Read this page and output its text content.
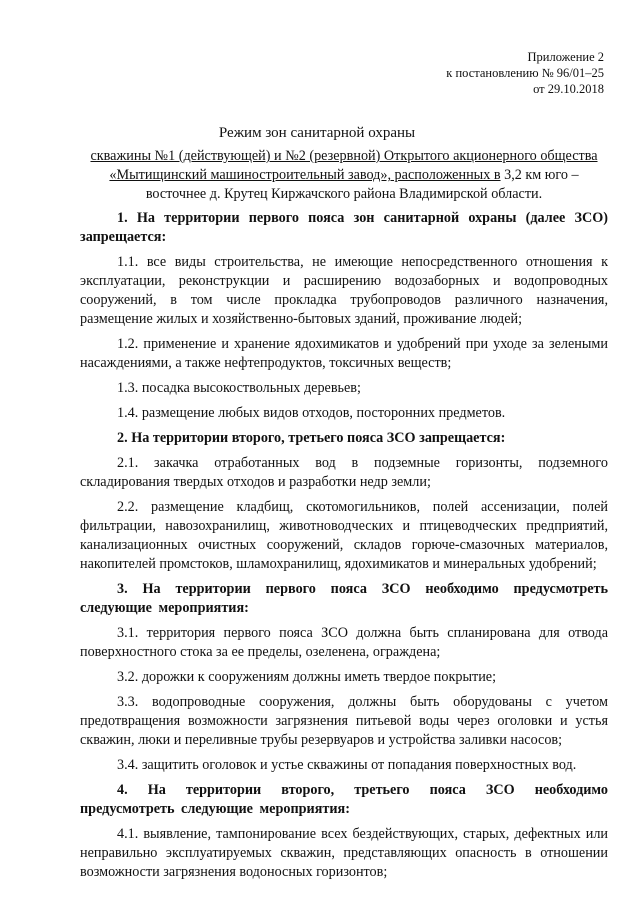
Приложение 2
к постановлению № 96/01–25
от 29.10.2018
Режим зон санитарной охраны
скважины №1 (действующей) и №2 (резервной) Открытого акционерного общества «Мытищинский машиностроительный завод», расположенных в 3,2 км юго – восточнее д. Крутец Киржачского района Владимирской области.

1. На территории первого пояса зон санитарной охраны (далее ЗСО) запрещается:

1.1. все виды строительства, не имеющие непосредственного отношения к эксплуатации, реконструкции и расширению водозаборных и водопроводных сооружений, в том числе прокладка трубопроводов различного назначения, размещение жилых и хозяйственно-бытовых зданий, проживание людей;

1.2. применение и хранение ядохимикатов и удобрений при уходе за зелеными насаждениями, а также нефтепродуктов, токсичных веществ;

1.3. посадка высокоствольных деревьев;

1.4. размещение любых видов отходов, посторонних предметов.

2. На территории второго, третьего пояса ЗСО запрещается:

2.1. закачка отработанных вод в подземные горизонты, подземного складирования твердых отходов и разработки недр земли;

2.2. размещение кладбищ, скотомогильников, полей ассенизации, полей фильтрации, навозохранилищ, животноводческих и птицеводческих предприятий, канализационных очистных сооружений, складов горюче-смазочных материалов, накопителей промстоков, шламохранилищ, ядохимикатов и минеральных удобрений;

3. На территории первого пояса ЗСО необходимо предусмотреть следующие мероприятия:

3.1. территория первого пояса ЗСО должна быть спланирована для отвода поверхностного стока за ее пределы, озеленена, ограждена;

3.2. дорожки к сооружениям должны иметь твердое покрытие;

3.3. водопроводные сооружения, должны быть оборудованы с учетом предотвращения возможности загрязнения питьевой воды через оголовки и устья скважин, люки и переливные трубы резервуаров и устройства заливки насосов;

3.4. защитить оголовок и устье скважины от попадания поверхностных вод.

4. На территории второго, третьего пояса ЗСО необходимо предусмотреть следующие мероприятия:

4.1. выявление, тампонирование всех бездействующих, старых, дефектных или неправильно эксплуатируемых скважин, представляющих опасность в отношении возможности загрязнения водоносных горизонтов;
